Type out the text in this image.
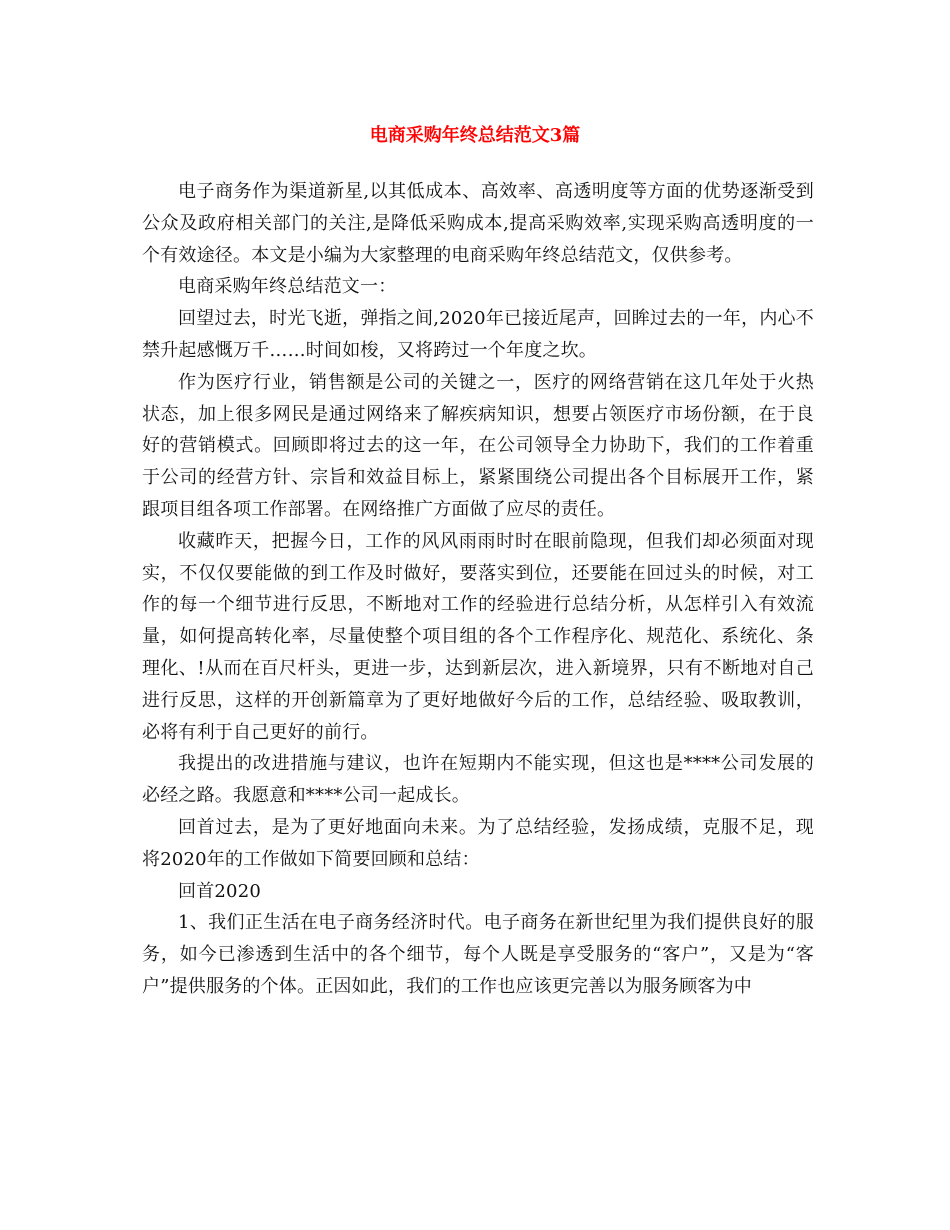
电商采购年终总结范文3篇

电子商务作为渠道新星,以其低成本、高效率、高透明度等方面的优势逐渐受到公众及政府相关部门的关注,是降低采购成本,提高采购效率,实现采购高透明度的一个有效途径。本文是小编为大家整理的电商采购年终总结范文，仅供参考。

电商采购年终总结范文一：

回望过去，时光飞逝，弹指之间,2020年已接近尾声，回眸过去的一年，内心不禁升起感慨万千……时间如梭，又将跨过一个年度之坎。

作为医疗行业，销售额是公司的关键之一，医疗的网络营销在这几年处于火热状态，加上很多网民是通过网络来了解疾病知识，想要占领医疗市场份额，在于良好的营销模式。回顾即将过去的这一年，在公司领导全力协助下，我们的工作着重于公司的经营方针、宗旨和效益目标上，紧紧围绕公司提出各个目标展开工作，紧跟项目组各项工作部署。在网络推广方面做了应尽的责任。

收藏昨天，把握今日，工作的风风雨雨时时在眼前隐现，但我们却必须面对现实，不仅仅要能做的到工作及时做好，要落实到位，还要能在回过头的时候，对工作的每一个细节进行反思，不断地对工作的经验进行总结分析，从怎样引入有效流量，如何提高转化率，尽量使整个项目组的各个工作程序化、规范化、系统化、条理化、!从而在百尺杆头，更进一步，达到新层次，进入新境界，只有不断地对自己进行反思，这样的开创新篇章为了更好地做好今后的工作，总结经验、吸取教训，必将有利于自己更好的前行。

我提出的改进措施与建议，也许在短期内不能实现，但这也是****公司发展的必经之路。我愿意和****公司一起成长。

回首过去，是为了更好地面向未来。为了总结经验，发扬成绩，克服不足，现将2020年的工作做如下简要回顾和总结：

回首2020

1、我们正生活在电子商务经济时代。电子商务在新世纪里为我们提供良好的服务，如今已渗透到生活中的各个细节，每个人既是享受服务的“客户”，又是为“客户”提供服务的个体。正因如此，我们的工作也应该更完善以为服务顾客为中
